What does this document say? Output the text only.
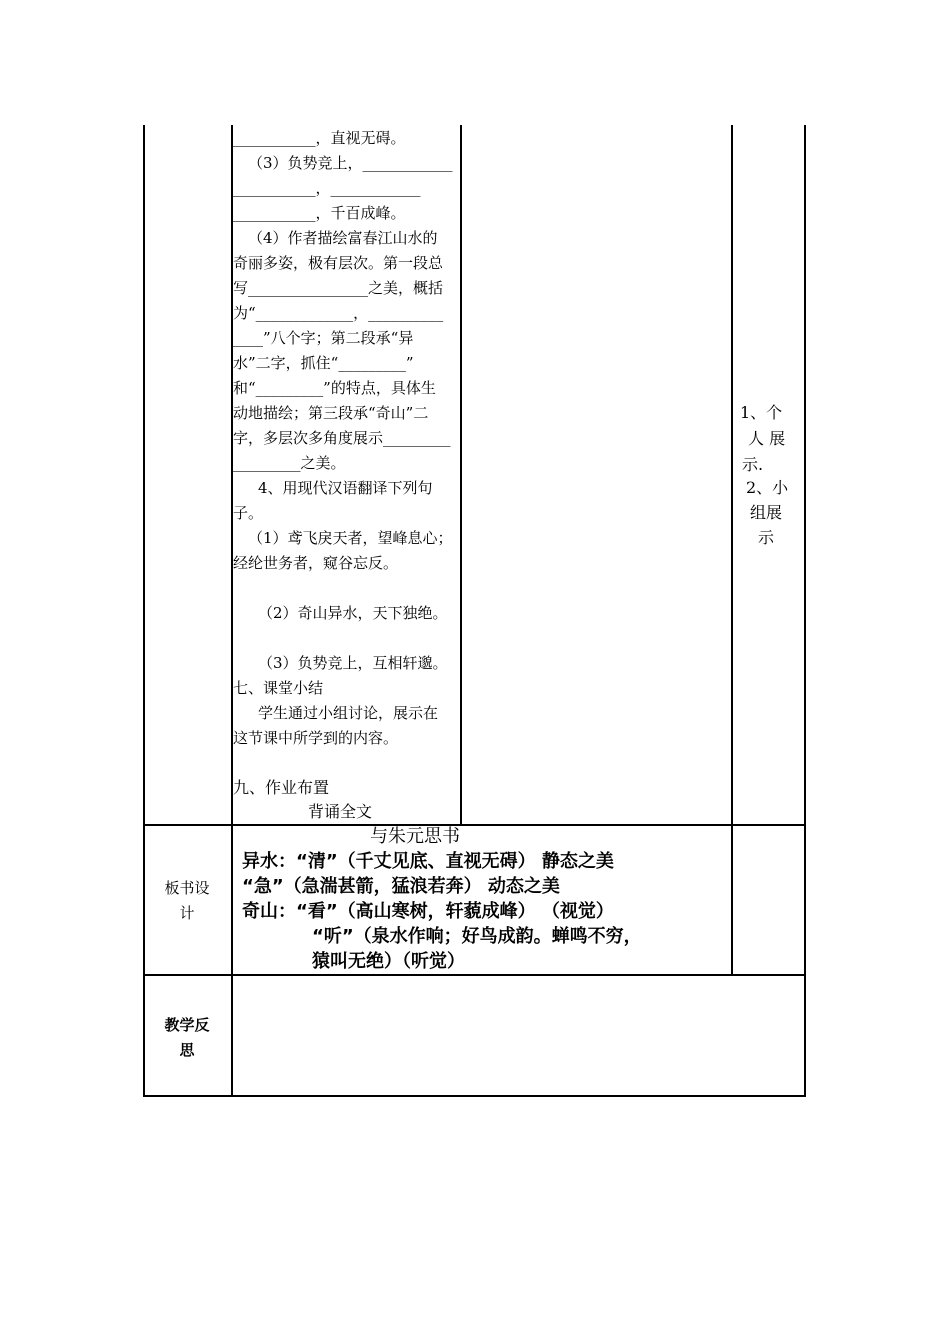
___________，直视无碍。
（3）负势竞上，____________
___________，____________
___________，千百成峰。
（4）作者描绘富春江山水的
奇丽多姿，极有层次。第一段总
写________________之美，概括
为“_____________，__________
____”八个字；第二段承“异
水”二字，抓住“_________”
和“_________”的特点，具体生
动地描绘；第三段承“奇山”二
字，多层次多角度展示_________
_________之美。
4、用现代汉语翻译下列句
子。
（1）鸢飞戾天者，望峰息心；
经纶世务者，窥谷忘反。
（2）奇山异水，天下独绝。
（3）负势竞上，互相轩邈。
七、课堂小结
学生通过小组讨论，展示在
这节课中所学到的内容。
九、作业布置
背诵全文
1、个
人 展
示.
2、小
组展
示
板书设
计
与朱元思书
异水：“清”（千丈见底、直视无碍） 静态之美
“急”（急湍甚箭，猛浪若奔） 动态之美
奇山：“看”（高山寒树，轩藐成峰） （视觉）
“听”（泉水作响；好鸟成韵。蝉鸣不穷，
猿叫无绝）（听觉）
教学反
思
